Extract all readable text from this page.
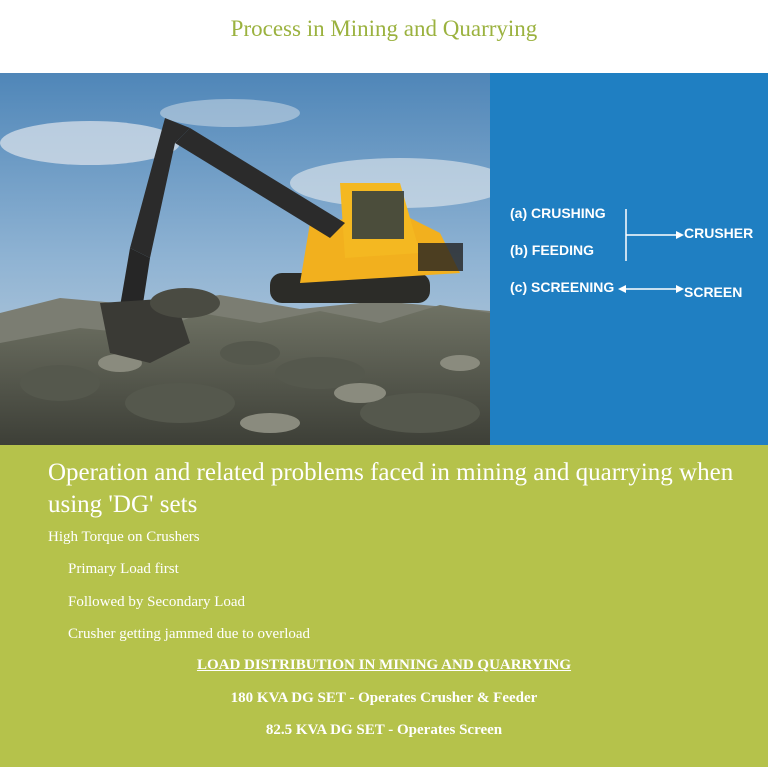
Process in Mining and Quarrying
(a) CRUSHING
(b) FEEDING
(c) SCREENING
CRUSHER
SCREEN
Operation and related problems faced in mining and quarrying when using 'DG' sets
High Torque on Crushers
Primary Load first
Followed by Secondary Load
Crusher getting jammed due to overload
LOAD DISTRIBUTION IN MINING AND QUARRYING
180 KVA DG SET - Operates Crusher & Feeder
82.5 KVA DG SET - Operates Screen
